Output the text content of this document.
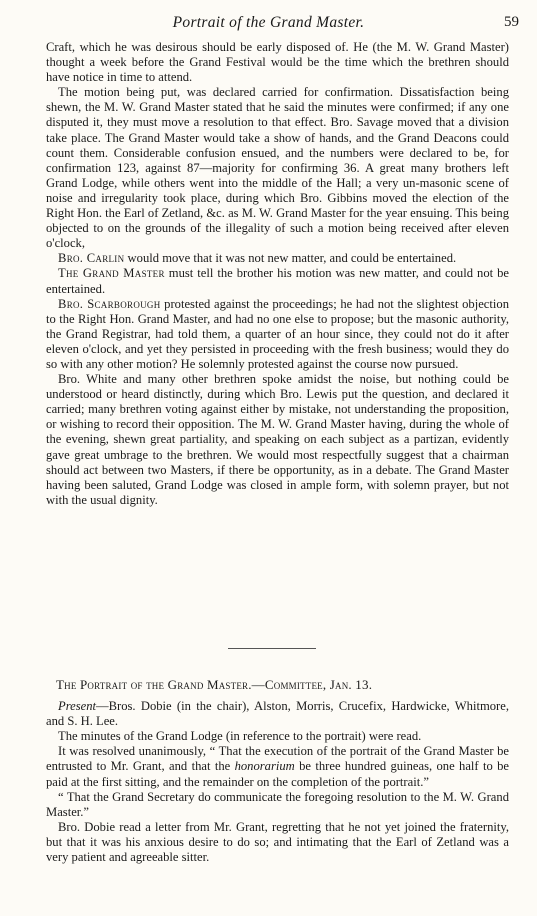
Portrait of the Grand Master.	59

Craft, which he was desirous should be early disposed of. He (the M. W. Grand Master) thought a week before the Grand Festival would be the time which the brethren should have notice in time to attend.

The motion being put, was declared carried for confirmation. Dissatisfaction being shewn, the M. W. Grand Master stated that he said the minutes were confirmed; if any one disputed it, they must move a resolution to that effect. Bro. Savage moved that a division take place. The Grand Master would take a show of hands, and the Grand Deacons could count them. Considerable confusion ensued, and the numbers were declared to be, for confirmation 123, against 87—majority for confirming 36. A great many brothers left Grand Lodge, while others went into the middle of the Hall; a very un-masonic scene of noise and irregularity took place, during which Bro. Gibbins moved the election of the Right Hon. the Earl of Zetland, &c. as M. W. Grand Master for the year ensuing. This being objected to on the grounds of the illegality of such a motion being received after eleven o'clock,

Bro. Carlin would move that it was not new matter, and could be entertained.

The Grand Master must tell the brother his motion was new matter, and could not be entertained.

Bro. Scarborough protested against the proceedings; he had not the slightest objection to the Right Hon. Grand Master, and had no one else to propose; but the masonic authority, the Grand Registrar, had told them, a quarter of an hour since, they could not do it after eleven o'clock, and yet they persisted in proceeding with the fresh business; would they do so with any other motion? He solemnly protested against the course now pursued.

Bro. White and many other brethren spoke amidst the noise, but nothing could be understood or heard distinctly, during which Bro. Lewis put the question, and declared it carried; many brethren voting against either by mistake, not understanding the proposition, or wishing to record their opposition. The M. W. Grand Master having, during the whole of the evening, shewn great partiality, and speaking on each subject as a partizan, evidently gave great umbrage to the brethren. We would most respectfully suggest that a chairman should act between two Masters, if there be opportunity, as in a debate. The Grand Master having been saluted, Grand Lodge was closed in ample form, with solemn prayer, but not with the usual dignity.

The Portrait of the Grand Master.—Committee, Jan. 13.

Present—Bros. Dobie (in the chair), Alston, Morris, Crucefix, Hardwicke, Whitmore, and S. H. Lee.

The minutes of the Grand Lodge (in reference to the portrait) were read.

It was resolved unanimously, “ That the execution of the portrait of the Grand Master be entrusted to Mr. Grant, and that the honorarium be three hundred guineas, one half to be paid at the first sitting, and the remainder on the completion of the portrait.”

“ That the Grand Secretary do communicate the foregoing resolution to the M. W. Grand Master.”

Bro. Dobie read a letter from Mr. Grant, regretting that he not yet joined the fraternity, but that it was his anxious desire to do so; and intimating that the Earl of Zetland was a very patient and agreeable sitter.
